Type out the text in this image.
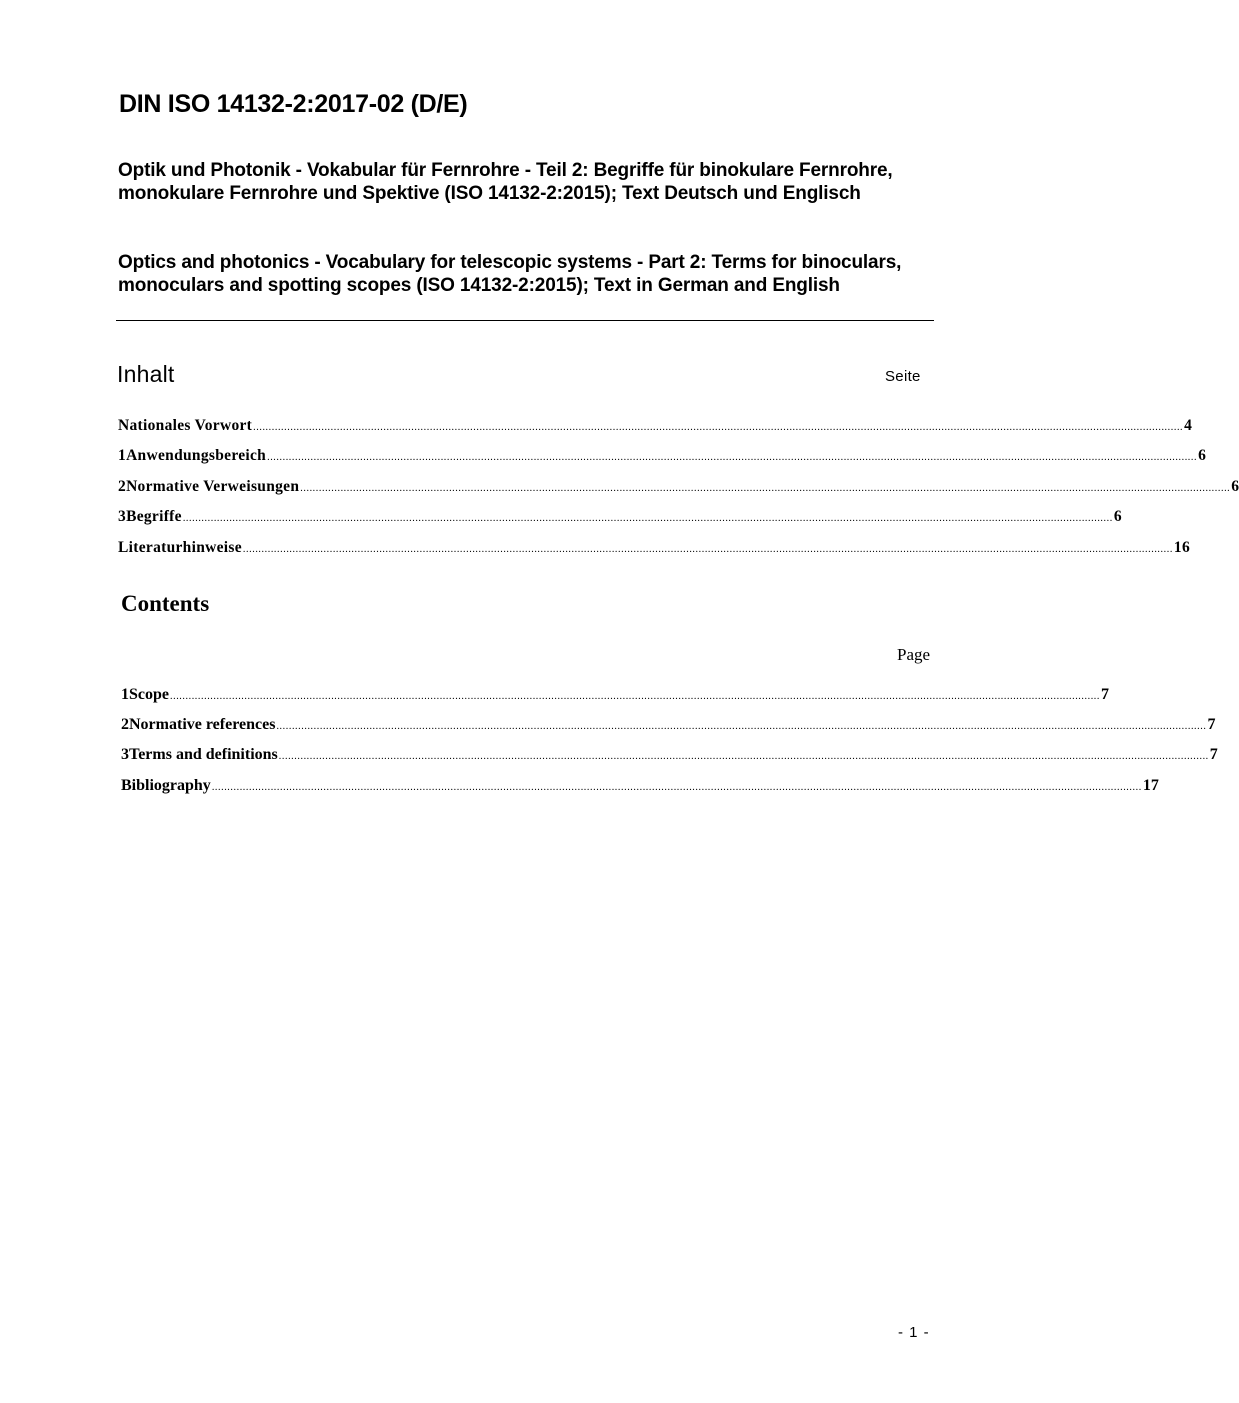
DIN ISO 14132-2:2017-02 (D/E)
Optik und Photonik - Vokabular für Fernrohre - Teil 2: Begriffe für binokulare Fernrohre, monokulare Fernrohre und Spektive (ISO 14132-2:2015); Text Deutsch und Englisch
Optics and photonics - Vocabulary for telescopic systems - Part 2: Terms for binoculars, monoculars and spotting scopes (ISO 14132-2:2015); Text in German and English
Inhalt	Seite
Nationales Vorwort ............................................................................................................................................................................................................................................................................................................ 4
1 Anwendungsbereich ............................................................................................................................................................................................................................................................................................................ 6
2 Normative Verweisungen ............................................................................................................................................................................................................................................................................................................ 6
3 Begriffe ............................................................................................................................................................................................................................................................................................................ 6
Literaturhinweise ............................................................................................................................................................................................................................................................................................................ 16
Contents
Page
1 Scope ............................................................................................................................................................................................................................................................................................................ 7
2 Normative references ............................................................................................................................................................................................................................................................................................................ 7
3 Terms and definitions ............................................................................................................................................................................................................................................................................................................ 7
Bibliography ............................................................................................................................................................................................................................................................................................................ 17
- 1 -
